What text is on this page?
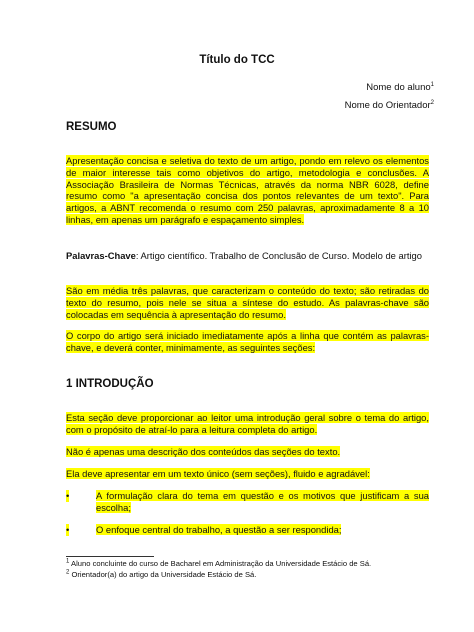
Título do TCC
Nome do aluno$^1$
Nome do Orientador$^2$
RESUMO
Apresentação concisa e seletiva do texto de um artigo, pondo em relevo os elementos de maior interesse tais como objetivos do artigo, metodologia e conclusões. A Associação Brasileira de Normas Técnicas, através da norma NBR 6028, define resumo como "a apresentação concisa dos pontos relevantes de um texto". Para artigos, a ABNT recomenda o resumo com 250 palavras, aproximadamente 8 a 10 linhas, em apenas um parágrafo e espaçamento simples.
Palavras-Chave: Artigo científico. Trabalho de Conclusão de Curso. Modelo de artigo
São em média três palavras, que caracterizam o conteúdo do texto; são retiradas do texto do resumo, pois nele se situa a síntese do estudo. As palavras-chave são colocadas em sequência à apresentação do resumo.
O corpo do artigo será iniciado imediatamente após a linha que contém as palavras-chave, e deverá conter, minimamente, as seguintes seções:
1 INTRODUÇÃO
Esta seção deve proporcionar ao leitor uma introdução geral sobre o tema do artigo, com o propósito de atraí-lo para a leitura completa do artigo.
Não é apenas uma descrição dos conteúdos das seções do texto.
Ela deve apresentar em um texto único (sem seções), fluido e agradável:
•	A formulação clara do tema em questão e os motivos que justificam a sua escolha;
•	O enfoque central do trabalho, a questão a ser respondida;
$^1$ Aluno concluinte do curso de Bacharel em Administração da Universidade Estácio de Sá.
$^2$ Orientador(a) do artigo da Universidade Estácio de Sá.
